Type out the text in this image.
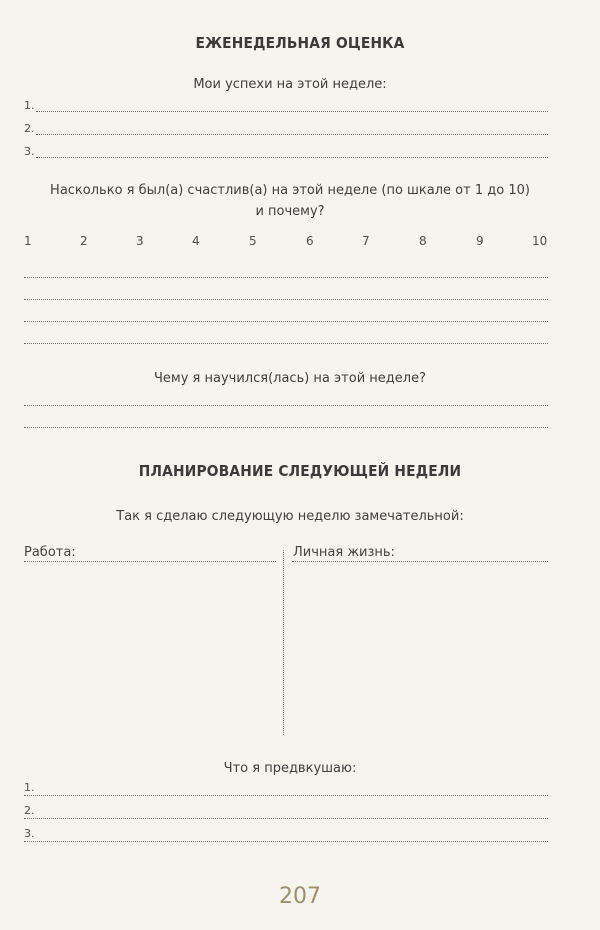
ЕЖЕНЕДЕЛЬНАЯ ОЦЕНКА
Мои успехи на этой неделе:
1.
2.
3.
Насколько я был(а) счастлив(а) на этой неделе (по шкале от 1 до 10)
и почему?
1	2	3	4	5	6	7	8	9	10
Чему я научился(лась) на этой неделе?
ПЛАНИРОВАНИЕ СЛЕДУЮЩЕЙ НЕДЕЛИ
Так я сделаю следующую неделю замечательной:
Работа:	Личная жизнь:
Что я предвкушаю:
1.
2.
3.
207
